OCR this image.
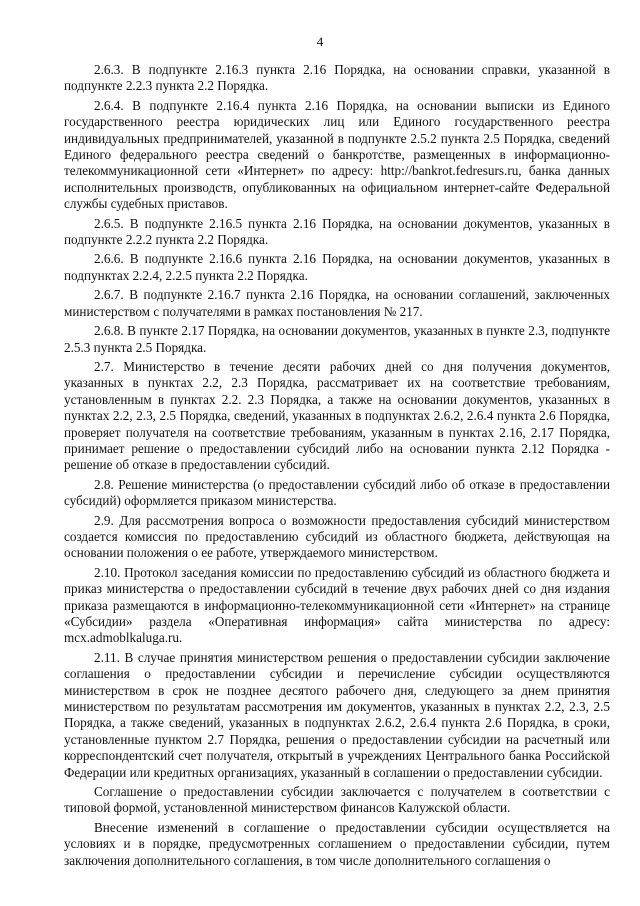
4

2.6.3. В подпункте 2.16.3 пункта 2.16 Порядка, на основании справки, указанной в подпункте 2.2.3 пункта 2.2 Порядка.

2.6.4. В подпункте 2.16.4 пункта 2.16 Порядка, на основании выписки из Единого государственного реестра юридических лиц или Единого государственного реестра индивидуальных предпринимателей, указанной в подпункте 2.5.2 пункта 2.5 Порядка, сведений Единого федерального реестра сведений о банкротстве, размещенных в информационно-телекоммуникационной сети «Интернет» по адресу: http://bankrot.fedresurs.ru, банка данных исполнительных производств, опубликованных на официальном интернет-сайте Федеральной службы судебных приставов.

2.6.5. В подпункте 2.16.5 пункта 2.16 Порядка, на основании документов, указанных в подпункте 2.2.2 пункта 2.2 Порядка.

2.6.6. В подпункте 2.16.6 пункта 2.16 Порядка, на основании документов, указанных в подпунктах 2.2.4, 2.2.5 пункта 2.2 Порядка.

2.6.7. В подпункте 2.16.7 пункта 2.16 Порядка, на основании соглашений, заключенных министерством с получателями в рамках постановления № 217.

2.6.8. В пункте 2.17 Порядка, на основании документов, указанных в пункте 2.3, подпункте 2.5.3 пункта 2.5 Порядка.

2.7. Министерство в течение десяти рабочих дней со дня получения документов, указанных в пунктах 2.2, 2.3 Порядка, рассматривает их на соответствие требованиям, установленным в пунктах 2.2. 2.3 Порядка, а также на основании документов, указанных в пунктах 2.2, 2.3, 2.5 Порядка, сведений, указанных в подпунктах 2.6.2, 2.6.4 пункта 2.6 Порядка, проверяет получателя на соответствие требованиям, указанным в пунктах 2.16, 2.17 Порядка, принимает решение о предоставлении субсидий либо на основании пункта 2.12 Порядка - решение об отказе в предоставлении субсидий.

2.8. Решение министерства (о предоставлении субсидий либо об отказе в предоставлении субсидий) оформляется приказом министерства.

2.9. Для рассмотрения вопроса о возможности предоставления субсидий министерством создается комиссия по предоставлению субсидий из областного бюджета, действующая на основании положения о ее работе, утверждаемого министерством.

2.10. Протокол заседания комиссии по предоставлению субсидий из областного бюджета и приказ министерства о предоставлении субсидий в течение двух рабочих дней со дня издания приказа размещаются в информационно-телекоммуникационной сети «Интернет» на странице «Субсидии» раздела «Оперативная информация» сайта министерства по адресу: mcx.admoblkaluga.ru.

2.11. В случае принятия министерством решения о предоставлении субсидии заключение соглашения о предоставлении субсидии и перечисление субсидии осуществляются министерством в срок не позднее десятого рабочего дня, следующего за днем принятия министерством по результатам рассмотрения им документов, указанных в пунктах 2.2, 2.3, 2.5 Порядка, а также сведений, указанных в подпунктах 2.6.2, 2.6.4 пункта 2.6 Порядка, в сроки, установленные пунктом 2.7 Порядка, решения о предоставлении субсидии на расчетный или корреспондентский счет получателя, открытый в учреждениях Центрального банка Российской Федерации или кредитных организациях, указанный в соглашении о предоставлении субсидии.

Соглашение о предоставлении субсидии заключается с получателем в соответствии с типовой формой, установленной министерством финансов Калужской области.

Внесение изменений в соглашение о предоставлении субсидии осуществляется на условиях и в порядке, предусмотренных соглашением о предоставлении субсидии, путем заключения дополнительного соглашения, в том числе дополнительного соглашения о
